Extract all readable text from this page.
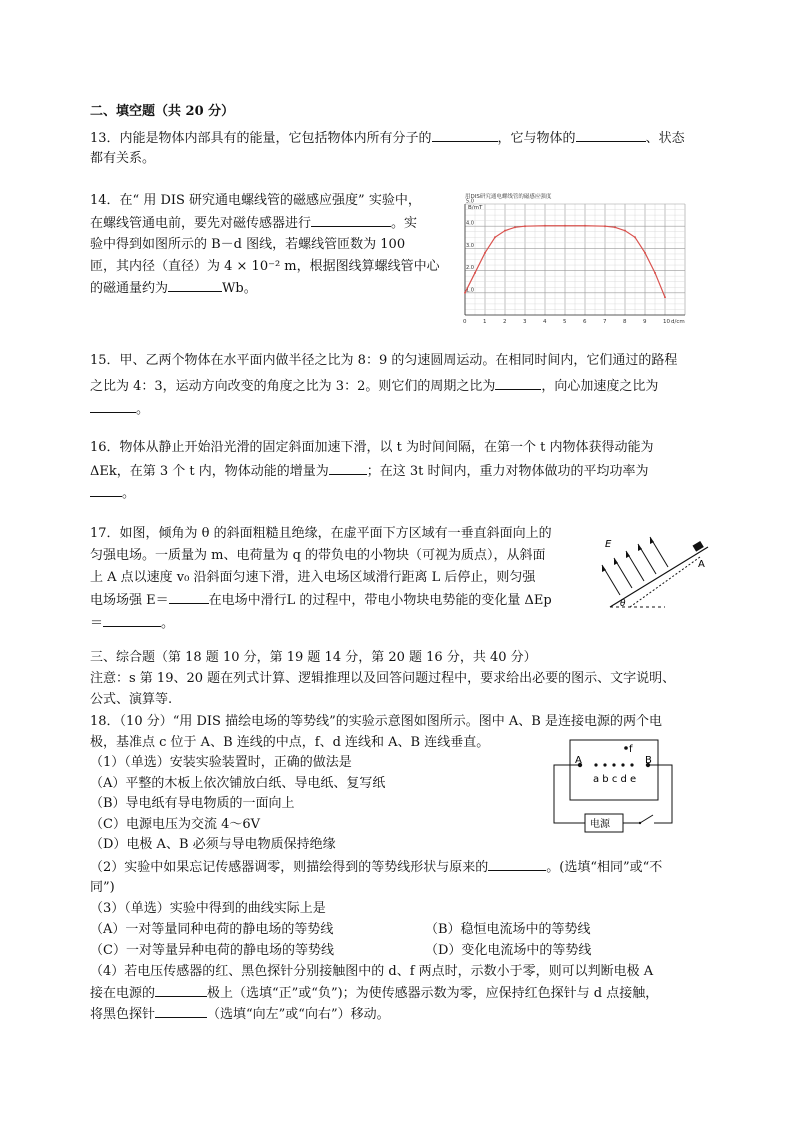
二、填空题（共 20 分）
13．内能是物体内部具有的能量，它包括物体内所有分子的	，它与物体的	、状态
都有关系。
14．在“ 用 DIS 研究通电螺线管的磁感应强度” 实验中，
在螺线管通电前，要先对磁传感器进行	。实
验中得到如图所示的 B－d 图线，若螺线管匝数为 100
匝，其内径（直径）为 4 × 10⁻² m，根据图线算螺线管中心
的磁通量约为	Wb。
用DIS研究通电螺线管的磁感应强度
B/mT
d/cm
0	1	2	3	4	5	6	7	8	9	10
1.0
2.0
3.0
4.0
5.0
15．甲、乙两个物体在水平面内做半径之比为 8：9 的匀速圆周运动。在相同时间内，它们通过的路程
之比为 4：3，运动方向改变的角度之比为 3：2。则它们的周期之比为	，向心加速度之比为
。
16．物体从静止开始沿光滑的固定斜面加速下滑，以 t 为时间间隔，在第一个 t 内物体获得动能为
ΔEk，在第 3 个 t 内，物体动能的增量为	；在这 3t 时间内，重力对物体做功的平均功率为
。
17．如图，倾角为 θ 的斜面粗糙且绝缘，在虚平面下方区域有一垂直斜面向上的
匀强电场。一质量为 m、电荷量为 q 的带负电的小物块（可视为质点），从斜面
上 A 点以速度 v₀ 沿斜面匀速下滑，进入电场区域滑行距离 L 后停止，则匀强
电场场强 E＝	在电场中滑行L 的过程中，带电小物块电势能的变化量 ΔEp
＝	。
E
A
θ
三、综合题（第 18 题 10 分，第 19 题 14 分，第 20 题 16 分，共 40 分）
注意：s 第 19、20 题在列式计算、逻辑推理以及回答问题过程中，要求给出必要的图示、文字说明、
公式、演算等.
18．（10 分）“用 DIS 描绘电场的等势线”的实验示意图如图所示。图中 A、B 是连接电源的两个电
极，基准点 c 位于 A、B 连线的中点，f、d 连线和 A、B 连线垂直。
（1）（单选）安装实验装置时，正确的做法是
（A）平整的木板上依次铺放白纸、导电纸、复写纸
（B）导电纸有导电物质的一面向上
（C）电源电压为交流 4～6V
（D）电极 A、B 必须与导电物质保持绝缘
（2）实验中如果忘记传感器调零，则描绘得到的等势线形状与原来的	。(选填“相同”或“不
同”)
（3）（单选）实验中得到的曲线实际上是
（A）一对等量同种电荷的静电场的等势线	（B）稳恒电流场中的等势线
（C）一对等量异种电荷的静电场的等势线	（D）变化电流场中的等势线
（4）若电压传感器的红、黑色探针分别接触图中的 d、f 两点时，示数小于零，则可以判断电极 A
接在电源的	极上（选填“正”或“负”)；为使传感器示数为零，应保持红色探针与 d 点接触，
将黑色探针	（选填“向左”或“向右”）移动。
A	B
f
a b c d e
电源
